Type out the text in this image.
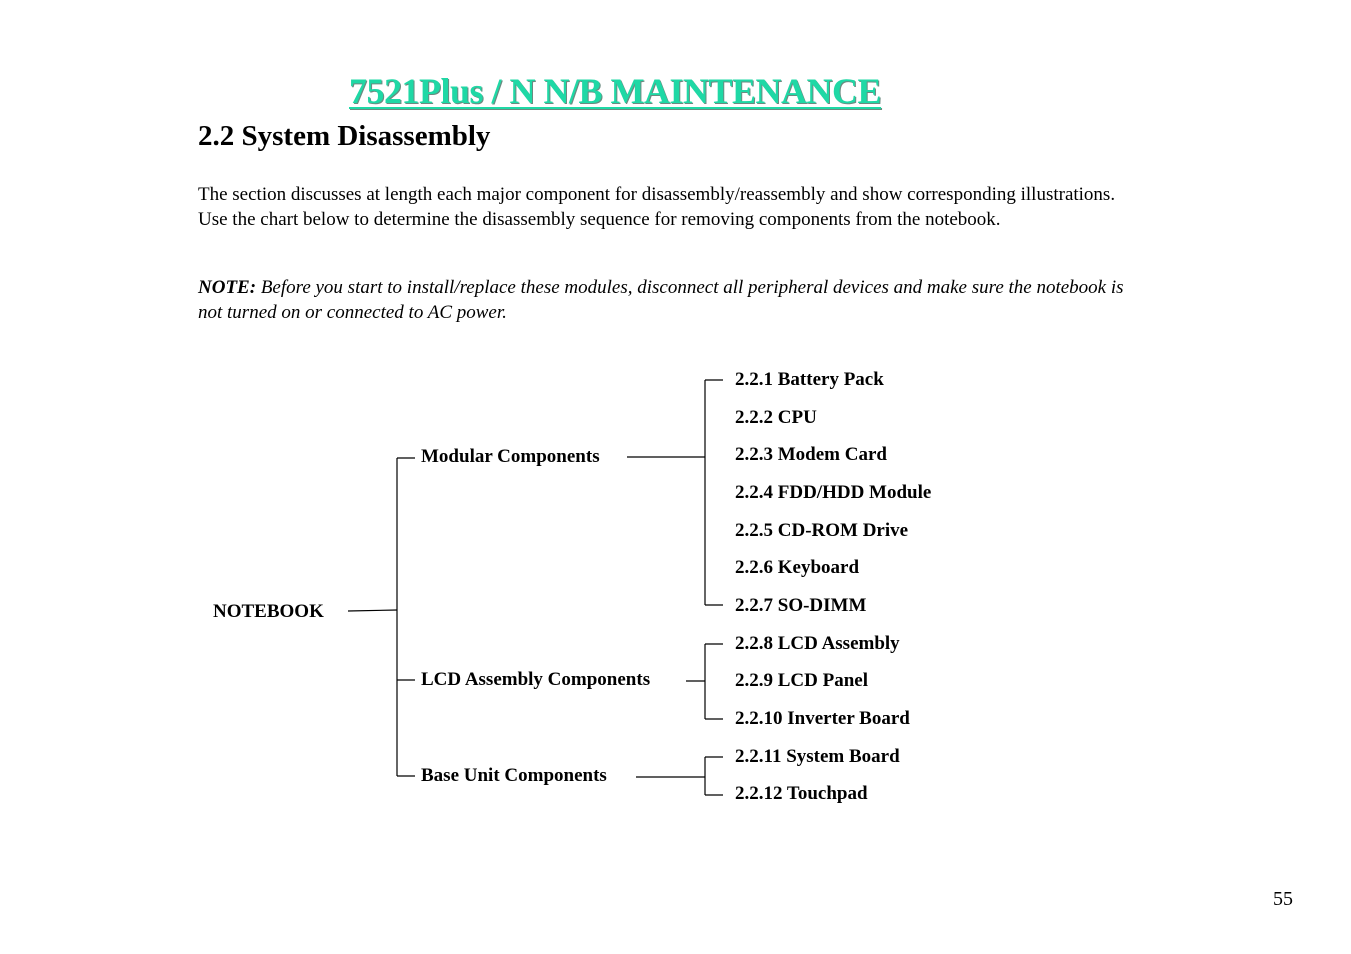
7521Plus / N N/B MAINTENANCE
2.2 System Disassembly
The section discusses at length each major component for disassembly/reassembly and show corresponding illustrations. Use the chart below to determine the disassembly sequence for removing components from the notebook.
NOTE: Before you start to install/replace these modules, disconnect all peripheral devices and make sure the notebook is not turned on or connected to AC power.
NOTEBOOK
Modular Components
LCD Assembly Components
Base Unit Components
2.2.1 Battery Pack
2.2.2 CPU
2.2.3 Modem Card
2.2.4 FDD/HDD Module
2.2.5 CD-ROM Drive
2.2.6 Keyboard
2.2.7 SO-DIMM
2.2.8 LCD Assembly
2.2.9 LCD Panel
2.2.10 Inverter Board
2.2.11 System Board
2.2.12 Touchpad
55
